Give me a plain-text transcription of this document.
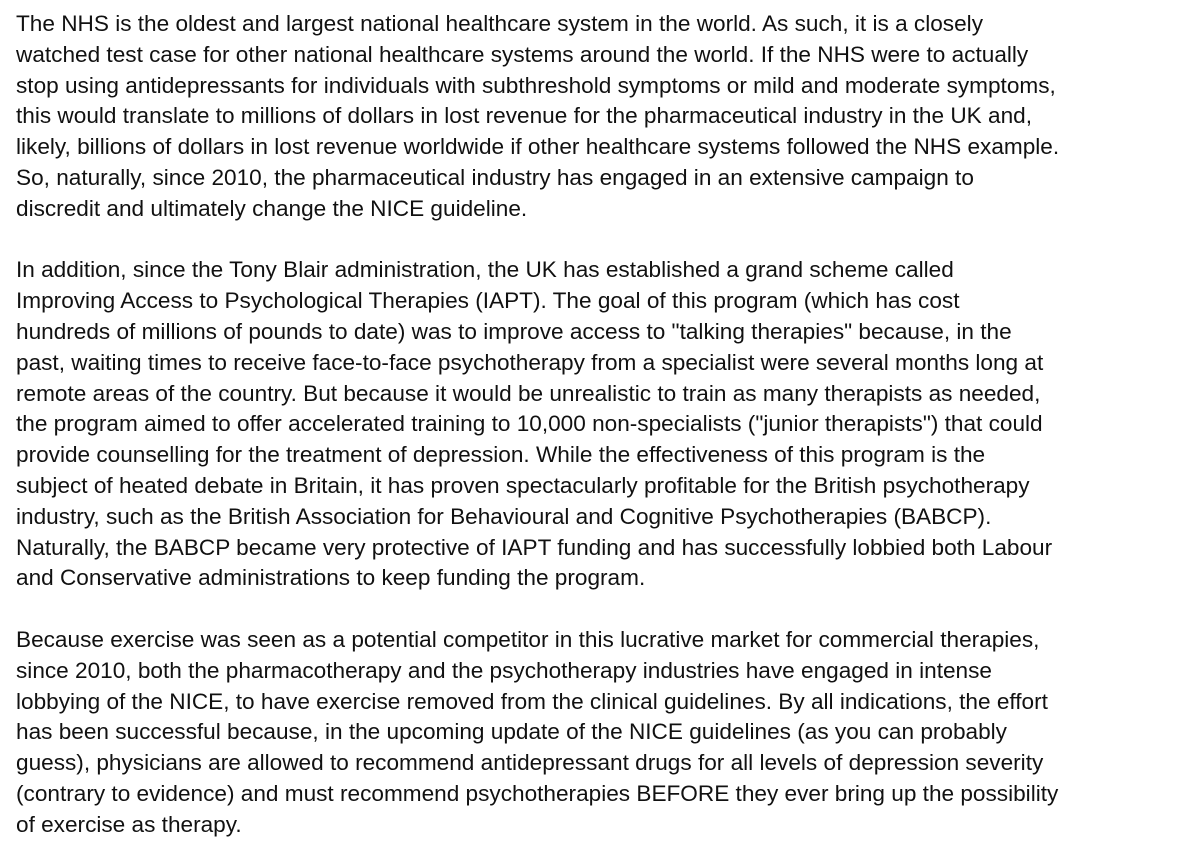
The NHS is the oldest and largest national healthcare system in the world. As such, it is a closely
watched test case for other national healthcare systems around the world. If the NHS were to actually
stop using antidepressants for individuals with subthreshold symptoms or mild and moderate symptoms,
this would translate to millions of dollars in lost revenue for the pharmaceutical industry in the UK and,
likely, billions of dollars in lost revenue worldwide if other healthcare systems followed the NHS example.
So, naturally, since 2010, the pharmaceutical industry has engaged in an extensive campaign to
discredit and ultimately change the NICE guideline.
In addition, since the Tony Blair administration, the UK has established a grand scheme called
Improving Access to Psychological Therapies (IAPT). The goal of this program (which has cost
hundreds of millions of pounds to date) was to improve access to "talking therapies" because, in the
past, waiting times to receive face-to-face psychotherapy from a specialist were several months long at
remote areas of the country. But because it would be unrealistic to train as many therapists as needed,
the program aimed to offer accelerated training to 10,000 non-specialists ("junior therapists") that could
provide counselling for the treatment of depression. While the effectiveness of this program is the
subject of heated debate in Britain, it has proven spectacularly profitable for the British psychotherapy
industry, such as the British Association for Behavioural and Cognitive Psychotherapies (BABCP).
Naturally, the BABCP became very protective of IAPT funding and has successfully lobbied both Labour
and Conservative administrations to keep funding the program.
Because exercise was seen as a potential competitor in this lucrative market for commercial therapies,
since 2010, both the pharmacotherapy and the psychotherapy industries have engaged in intense
lobbying of the NICE, to have exercise removed from the clinical guidelines. By all indications, the effort
has been successful because, in the upcoming update of the NICE guidelines (as you can probably
guess), physicians are allowed to recommend antidepressant drugs for all levels of depression severity
(contrary to evidence) and must recommend psychotherapies BEFORE they ever bring up the possibility
of exercise as therapy.
